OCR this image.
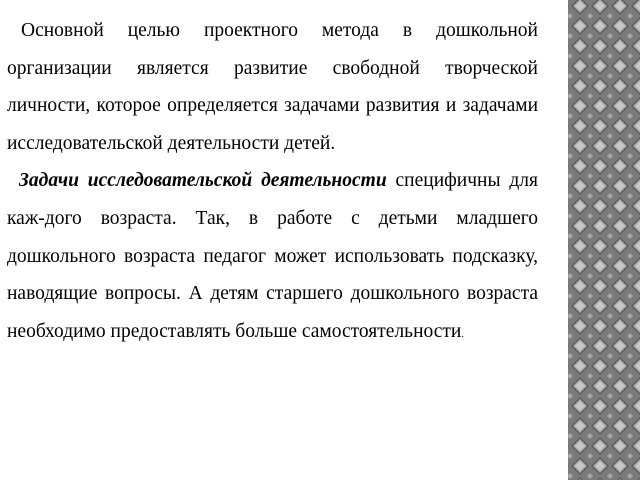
Основной целью проектного метода в дошкольной организации является развитие свободной творческой личности, которое определяется задачами развития и задачами исследовательской деятельности детей.

Задачи исследовательской деятельности специфичны для каж-дого возраста. Так, в работе с детьми младшего дошкольного возраста педагог может использовать подсказку, наводящие вопросы. А детям старшего дошкольного возраста необходимо предоставлять больше самостоятельности.
